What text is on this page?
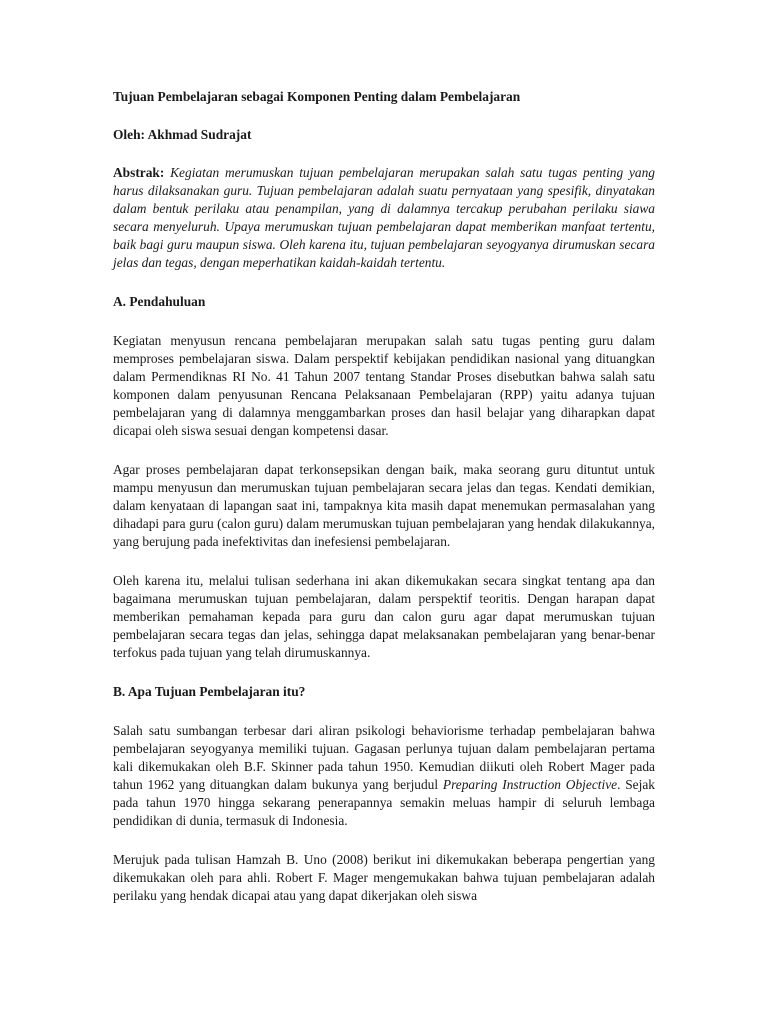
Tujuan Pembelajaran sebagai Komponen Penting dalam Pembelajaran
Oleh: Akhmad Sudrajat

Abstrak: Kegiatan merumuskan tujuan pembelajaran merupakan salah satu tugas penting yang harus dilaksanakan guru. Tujuan pembelajaran adalah suatu pernyataan yang spesifik, dinyatakan dalam bentuk perilaku atau penampilan, yang di dalamnya tercakup perubahan perilaku siawa secara menyeluruh. Upaya merumuskan tujuan pembelajaran dapat memberikan manfaat tertentu, baik bagi guru maupun siswa. Oleh karena itu, tujuan pembelajaran seyogyanya dirumuskan secara jelas dan tegas, dengan meperhatikan kaidah-kaidah tertentu.

A. Pendahuluan

Kegiatan menyusun rencana pembelajaran merupakan salah satu tugas penting guru dalam memproses pembelajaran siswa. Dalam perspektif kebijakan pendidikan nasional yang dituangkan dalam Permendiknas RI No. 41 Tahun 2007 tentang Standar Proses disebutkan bahwa salah satu komponen dalam penyusunan Rencana Pelaksanaan Pembelajaran (RPP) yaitu adanya tujuan pembelajaran yang di dalamnya menggambarkan proses dan hasil belajar yang diharapkan dapat dicapai oleh siswa sesuai dengan kompetensi dasar.

Agar proses pembelajaran dapat terkonsepsikan dengan baik, maka seorang guru dituntut untuk mampu menyusun dan merumuskan tujuan pembelajaran secara jelas dan tegas. Kendati demikian, dalam kenyataan di lapangan saat ini, tampaknya kita masih dapat menemukan permasalahan yang dihadapi para guru (calon guru) dalam merumuskan tujuan pembelajaran yang hendak dilakukannya, yang berujung pada inefektivitas dan inefesiensi pembelajaran.

Oleh karena itu, melalui tulisan sederhana ini akan dikemukakan secara singkat tentang apa dan bagaimana merumuskan tujuan pembelajaran, dalam perspektif teoritis. Dengan harapan dapat memberikan pemahaman kepada para guru dan calon guru agar dapat merumuskan tujuan pembelajaran secara tegas dan jelas, sehingga dapat melaksanakan pembelajaran yang benar-benar terfokus pada tujuan yang telah dirumuskannya.

B. Apa Tujuan Pembelajaran itu?

Salah satu sumbangan terbesar dari aliran psikologi behaviorisme terhadap pembelajaran bahwa pembelajaran seyogyanya memiliki tujuan. Gagasan perlunya tujuan dalam pembelajaran pertama kali dikemukakan oleh B.F. Skinner pada tahun 1950. Kemudian diikuti oleh Robert Mager pada tahun 1962 yang dituangkan dalam bukunya yang berjudul Preparing Instruction Objective. Sejak pada tahun 1970 hingga sekarang penerapannya semakin meluas hampir di seluruh lembaga pendidikan di dunia, termasuk di Indonesia.

Merujuk pada tulisan Hamzah B. Uno (2008) berikut ini dikemukakan beberapa pengertian yang dikemukakan oleh para ahli. Robert F. Mager mengemukakan bahwa tujuan pembelajaran adalah perilaku yang hendak dicapai atau yang dapat dikerjakan oleh siswa
